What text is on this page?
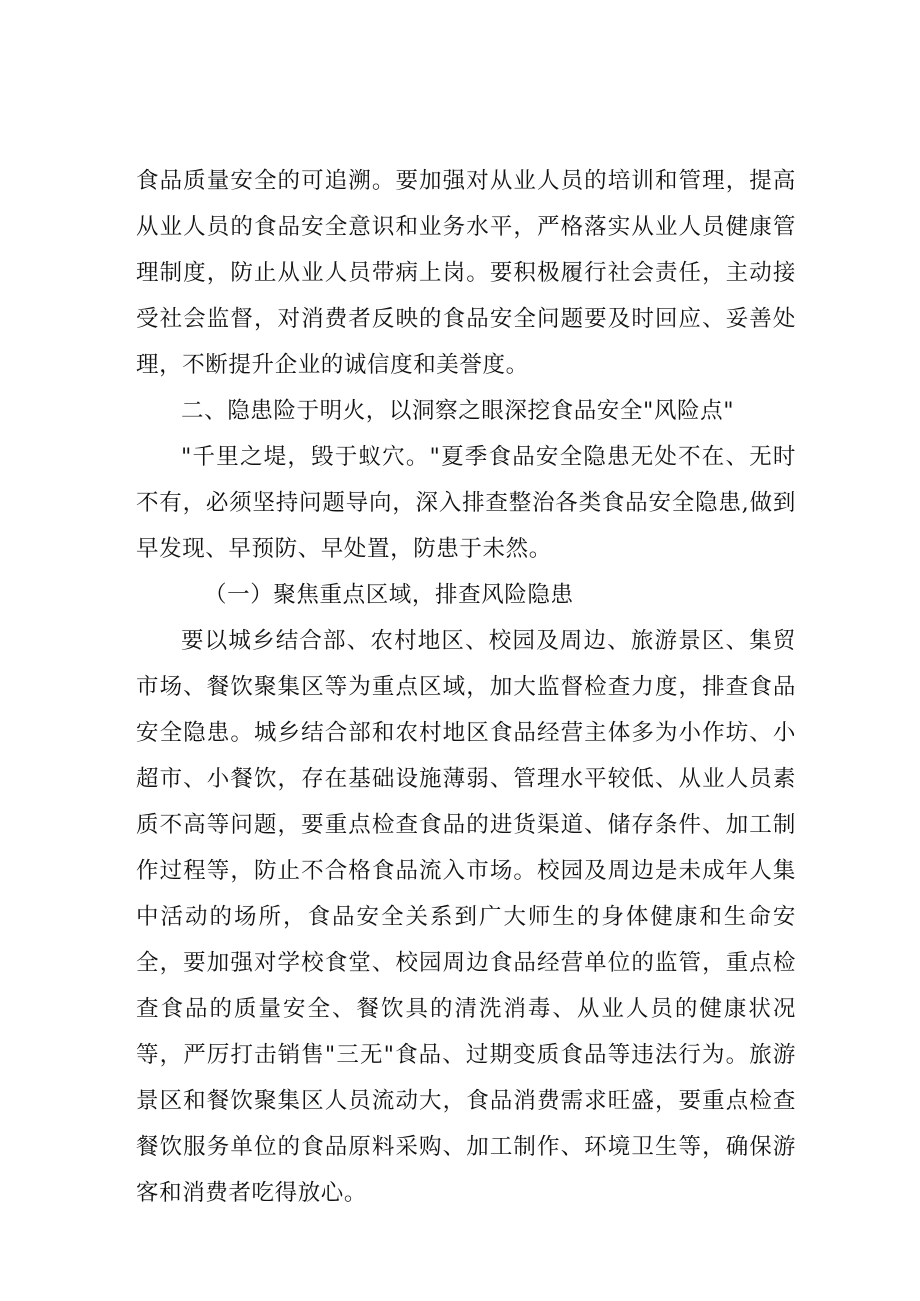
食品质量安全的可追溯。要加强对从业人员的培训和管理，提高从业人员的食品安全意识和业务水平，严格落实从业人员健康管理制度，防止从业人员带病上岗。要积极履行社会责任，主动接受社会监督，对消费者反映的食品安全问题要及时回应、妥善处理，不断提升企业的诚信度和美誉度。

二、隐患险于明火，以洞察之眼深挖食品安全"风险点"

"千里之堤，毁于蚁穴。"夏季食品安全隐患无处不在、无时不有，必须坚持问题导向，深入排查整治各类食品安全隐患,做到早发现、早预防、早处置，防患于未然。

（一）聚焦重点区域，排查风险隐患

要以城乡结合部、农村地区、校园及周边、旅游景区、集贸市场、餐饮聚集区等为重点区域，加大监督检查力度，排查食品安全隐患。城乡结合部和农村地区食品经营主体多为小作坊、小超市、小餐饮，存在基础设施薄弱、管理水平较低、从业人员素质不高等问题，要重点检查食品的进货渠道、储存条件、加工制作过程等，防止不合格食品流入市场。校园及周边是未成年人集中活动的场所，食品安全关系到广大师生的身体健康和生命安全，要加强对学校食堂、校园周边食品经营单位的监管，重点检查食品的质量安全、餐饮具的清洗消毒、从业人员的健康状况等，严厉打击销售"三无"食品、过期变质食品等违法行为。旅游景区和餐饮聚集区人员流动大，食品消费需求旺盛，要重点检查餐饮服务单位的食品原料采购、加工制作、环境卫生等，确保游客和消费者吃得放心。
